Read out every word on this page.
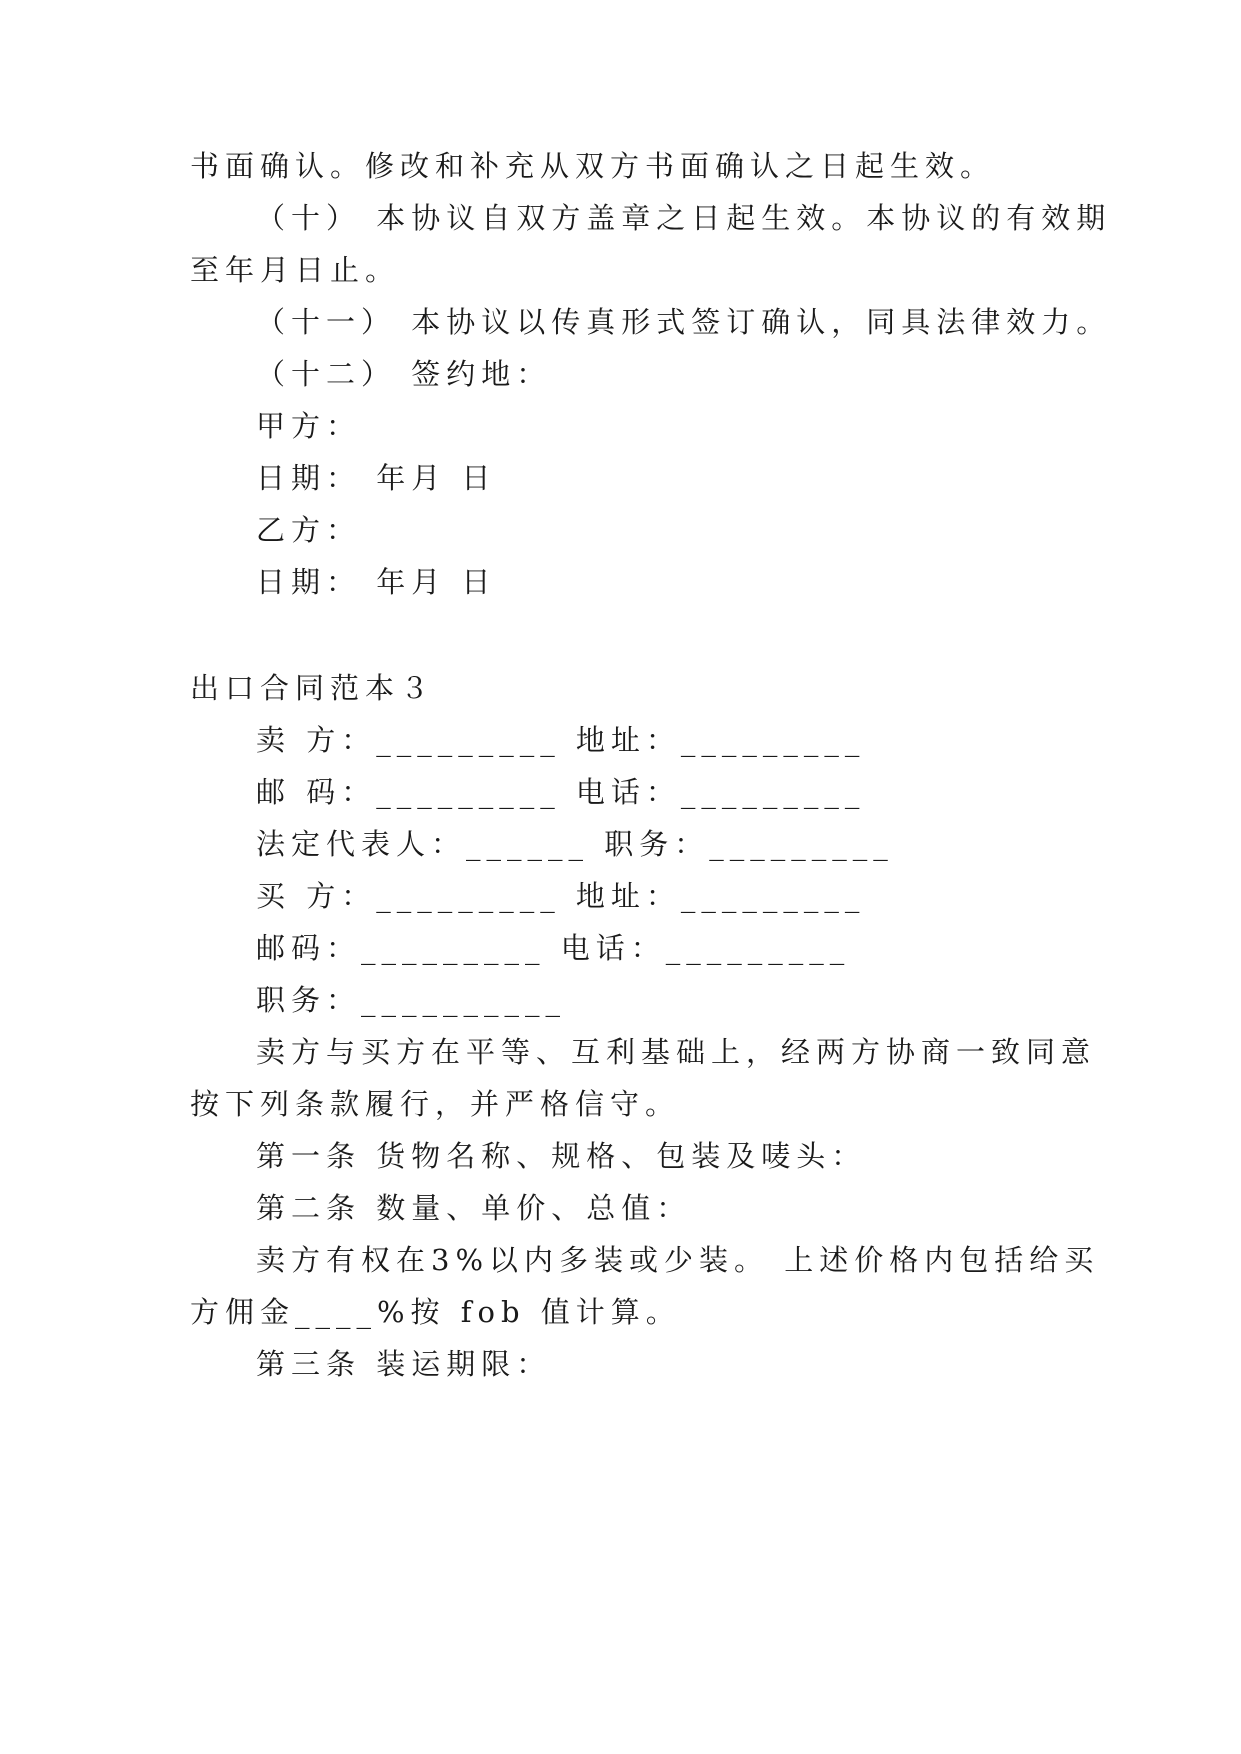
书面确认。修改和补充从双方书面确认之日起生效。
（十） 本协议自双方盖章之日起生效。本协议的有效期
至年月日止。
（十一） 本协议以传真形式签订确认，同具法律效力。
（十二） 签约地：
甲方：
日期： 年月 日
乙方：
日期： 年月 日
出口合同范本３
卖 方：_________ 地址：_________
邮 码：_________ 电话：_________
法定代表人：______ 职务：_________
买 方：_________ 地址：_________
邮码：_________ 电话：_________
职务：__________
卖方与买方在平等、互利基础上，经两方协商一致同意
按下列条款履行，并严格信守。
第一条 货物名称、规格、包装及唛头：
第二条 数量、单价、总值：
卖方有权在3%以内多装或少装。 上述价格内包括给买
方佣金____%按 fob 值计算。
第三条 装运期限：
